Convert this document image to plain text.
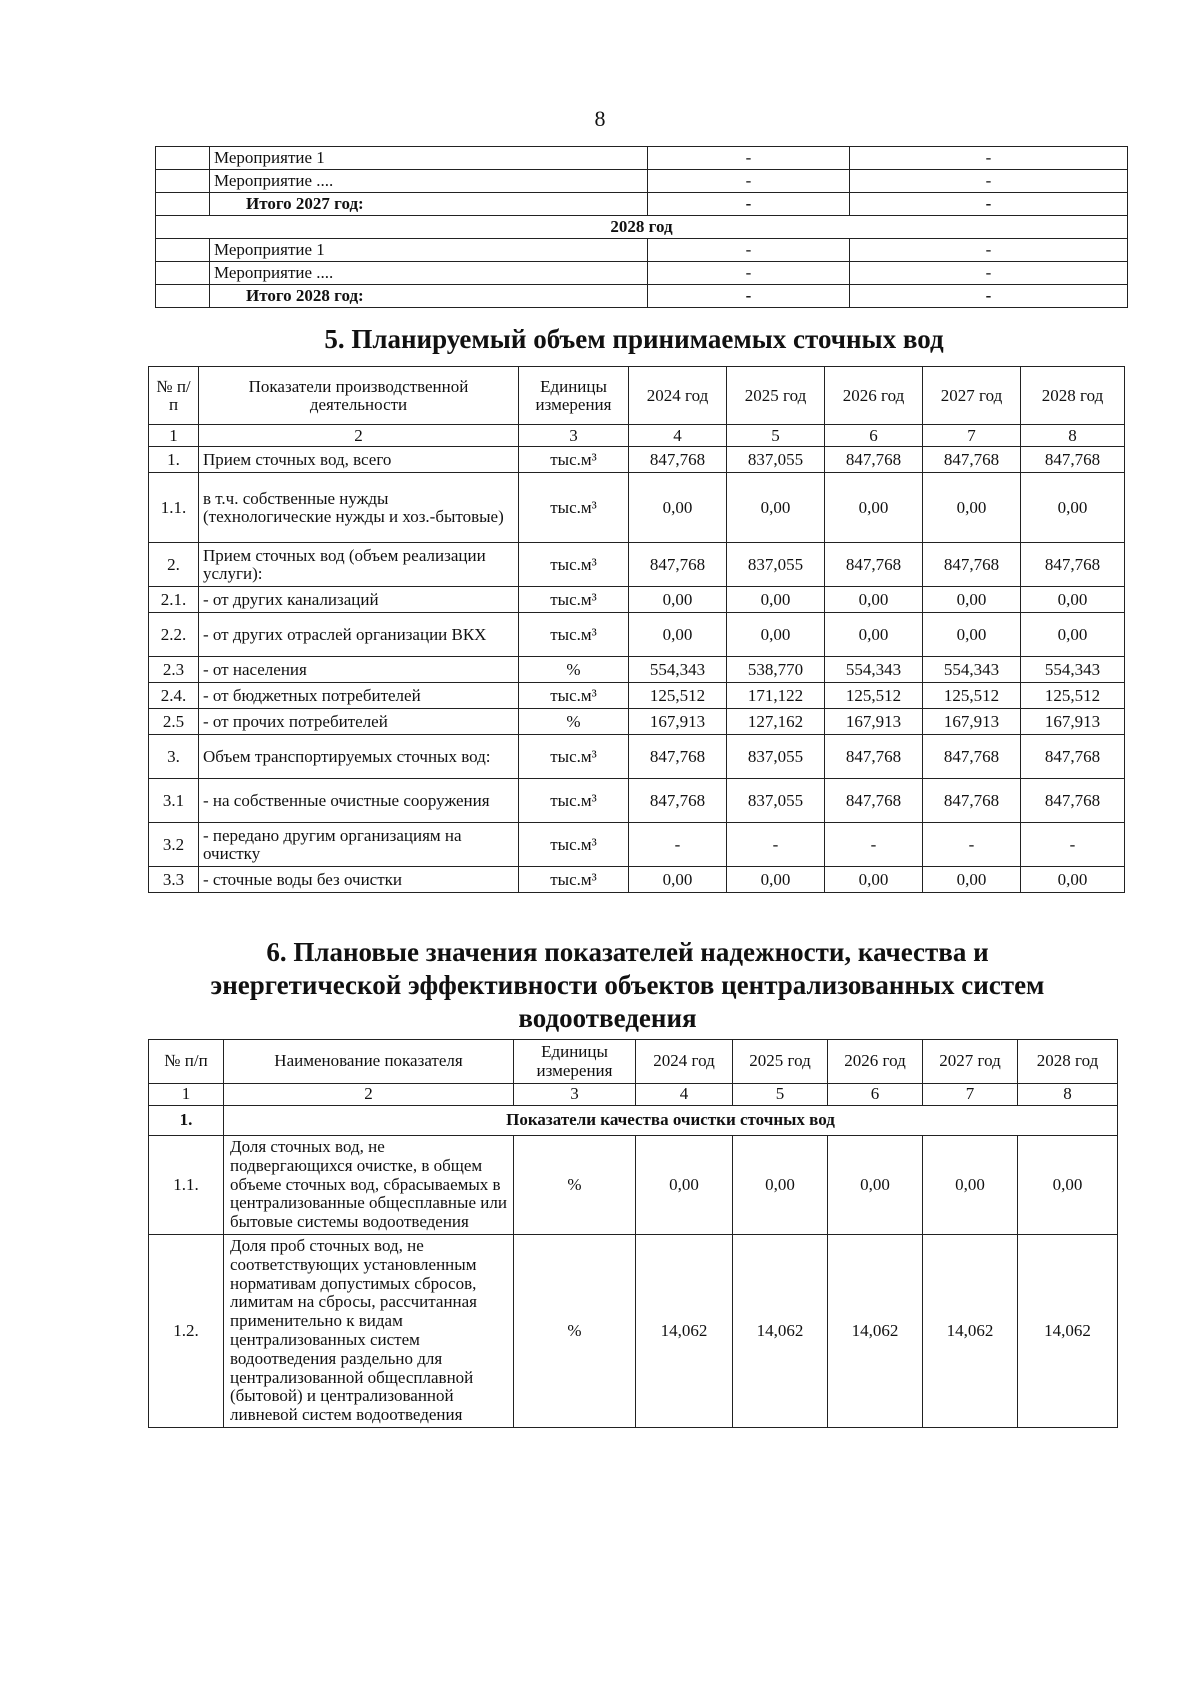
8
	Мероприятие 1	-	-
	Мероприятие ....	-	-
	Итого 2027 год:	-	-
2028 год			
	Мероприятие 1	-	-
	Мероприятие ....	-	-
	Итого 2028 год:	-	-
5. Планируемый объем принимаемых сточных вод
№ п/п	Показатели производственной деятельности	Единицы измерения	2024 год	2025 год	2026 год	2027 год	2028 год
1	2	3	4	5	6	7	8
1.	Прием сточных вод, всего	тыс.м³	847,768	837,055	847,768	847,768	847,768
1.1.	в т.ч. собственные нужды (технологические нужды и хоз.-бытовые)	тыс.м³	0,00	0,00	0,00	0,00	0,00
2.	Прием сточных вод (объем реализации услуги):	тыс.м³	847,768	837,055	847,768	847,768	847,768
2.1.	- от других канализаций	тыс.м³	0,00	0,00	0,00	0,00	0,00
2.2.	- от других отраслей организации ВКХ	тыс.м³	0,00	0,00	0,00	0,00	0,00
2.3	- от населения	%	554,343	538,770	554,343	554,343	554,343
2.4.	- от бюджетных потребителей	тыс.м³	125,512	171,122	125,512	125,512	125,512
2.5	- от прочих потребителей	%	167,913	127,162	167,913	167,913	167,913
3.	Объем транспортируемых сточных вод:	тыс.м³	847,768	837,055	847,768	847,768	847,768
3.1	- на собственные очистные сооружения	тыс.м³	847,768	837,055	847,768	847,768	847,768
3.2	- передано другим организациям на очистку	тыс.м³	-	-	-	-	-
3.3	- сточные воды без очистки	тыс.м³	0,00	0,00	0,00	0,00	0,00
6. Плановые значения показателей надежности, качества и
энергетической эффективности объектов централизованных систем
водоотведения
№ п/п	Наименование показателя	Единицы измерения	2024 год	2025 год	2026 год	2027 год	2028 год
1	2	3	4	5	6	7	8
1.	Показатели качества очистки сточных вод						
1.1.	Доля сточных вод, не подвергающихся очистке, в общем объеме сточных вод, сбрасываемых в централизованные общесплавные или бытовые системы водоотведения	%	0,00	0,00	0,00	0,00	0,00
1.2.	Доля проб сточных вод, не соответствующих установленным нормативам допустимых сбросов, лимитам на сбросы, рассчитанная применительно к видам централизованных систем водоотведения раздельно для централизованной общесплавной (бытовой) и централизованной ливневой систем водоотведения	%	14,062	14,062	14,062	14,062	14,062
